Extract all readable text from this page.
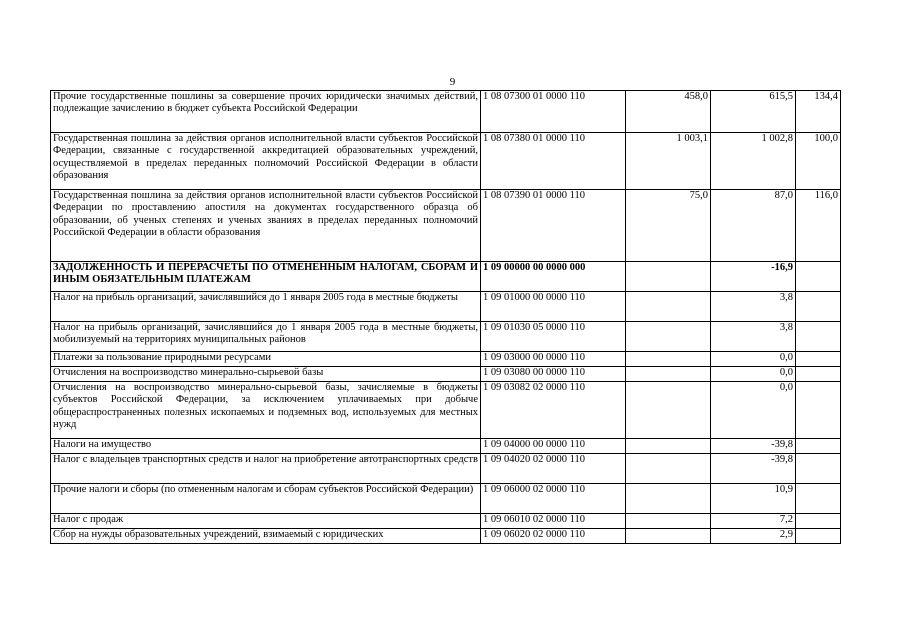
9
Прочие государственные пошлины за совершение прочих юридически значимых действий, подлежащие зачислению в бюджет субъекта Российской Федерации	1 08 07300 01 0000 110	458,0	615,5	134,4
Государственная пошлина за действия органов исполнительной власти субъектов Российской Федерации, связанные с государственной аккредитацией образовательных учреждений, осуществляемой в пределах переданных полномочий Российской Федерации в области образования	1 08 07380 01 0000 110	1 003,1	1 002,8	100,0
Государственная пошлина за действия органов исполнительной власти субъектов Российской Федерации по проставлению апостиля на документах государственного образца об образовании, об ученых степенях и ученых званиях в пределах переданных полномочий Российской Федерации в области образования	1 08 07390 01 0000 110	75,0	87,0	116,0
ЗАДОЛЖЕННОСТЬ И ПЕРЕРАСЧЕТЫ ПО ОТМЕНЕННЫМ НАЛОГАМ, СБОРАМ И ИНЫМ ОБЯЗАТЕЛЬНЫМ ПЛАТЕЖАМ	1 09 00000 00 0000 000		-16,9	
Налог на прибыль организаций, зачислявшийся до 1 января 2005 года в местные бюджеты	1 09 01000 00 0000 110		3,8	
Налог на прибыль организаций, зачислявшийся до 1 января 2005 года в местные бюджеты, мобилизуемый на территориях муниципальных районов	1 09 01030 05 0000 110		3,8	
Платежи за пользование природными ресурсами	1 09 03000 00 0000 110		0,0	
Отчисления на воспроизводство минерально-сырьевой базы	1 09 03080 00 0000 110		0,0	
Отчисления на воспроизводство минерально-сырьевой базы, зачисляемые в бюджеты субъектов Российской Федерации, за исключением уплачиваемых при добыче общераспространенных полезных ископаемых и подземных вод, используемых для местных нужд	1 09 03082 02 0000 110		0,0	
Налоги на имущество	1 09 04000 00 0000 110		-39,8	
Налог с владельцев транспортных средств и налог на приобретение автотранспортных средств	1 09 04020 02 0000 110		-39,8	
Прочие налоги и сборы (по отмененным налогам и сборам субъектов Российской Федерации)	1 09 06000 02 0000 110		10,9	
Налог с продаж	1 09 06010 02 0000 110		7,2	
Сбор на нужды образовательных учреждений, взимаемый с юридических	1 09 06020 02 0000 110		2,9	
